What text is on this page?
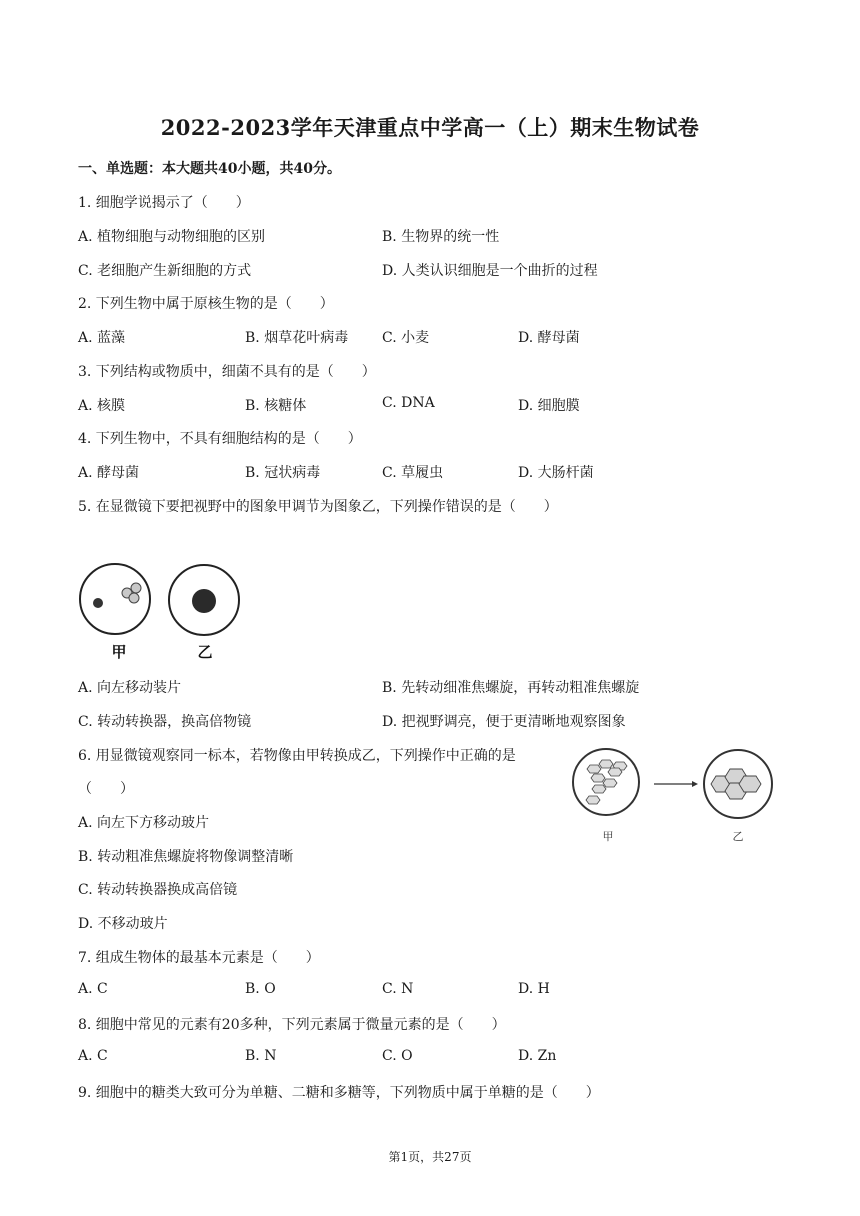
2022-2023学年天津重点中学高一（上）期末生物试卷
一、单选题：本大题共40小题，共40分。
1. 细胞学说揭示了（　　）
A. 植物细胞与动物细胞的区别	B. 生物界的统一性
C. 老细胞产生新细胞的方式	D. 人类认识细胞是一个曲折的过程
2. 下列生物中属于原核生物的是（　　）
A. 蓝藻	B. 烟草花叶病毒 C. 小麦	D. 酵母菌
3. 下列结构或物质中，细菌不具有的是（　　）
A. 核膜	B. 核糖体	C. DNA	D. 细胞膜
4. 下列生物中，不具有细胞结构的是（　　）
A. 酵母菌	B. 冠状病毒	C. 草履虫	D. 大肠杆菌
5. 在显微镜下要把视野中的图象甲调节为图象乙，下列操作错误的是（　　）
甲	乙
A. 向左移动装片	B. 先转动细准焦螺旋，再转动粗准焦螺旋
C. 转动转换器，换高倍物镜	D. 把视野调亮，便于更清晰地观察图象
6. 用显微镜观察同一标本，若物像由甲转换成乙，下列操作中正确的是
（　　）
甲	乙
A. 向左下方移动玻片
B. 转动粗准焦螺旋将物像调整清晰
C. 转动转换器换成高倍镜
D. 不移动玻片
7. 组成生物体的最基本元素是（　　）
A. C	B. O	C. N	D. H
8. 细胞中常见的元素有20多种，下列元素属于微量元素的是（　　）
A. C	B. N	C. O	D. Zn
9. 细胞中的糖类大致可分为单糖、二糖和多糖等，下列物质中属于单糖的是（　　）
第1页，共27页
